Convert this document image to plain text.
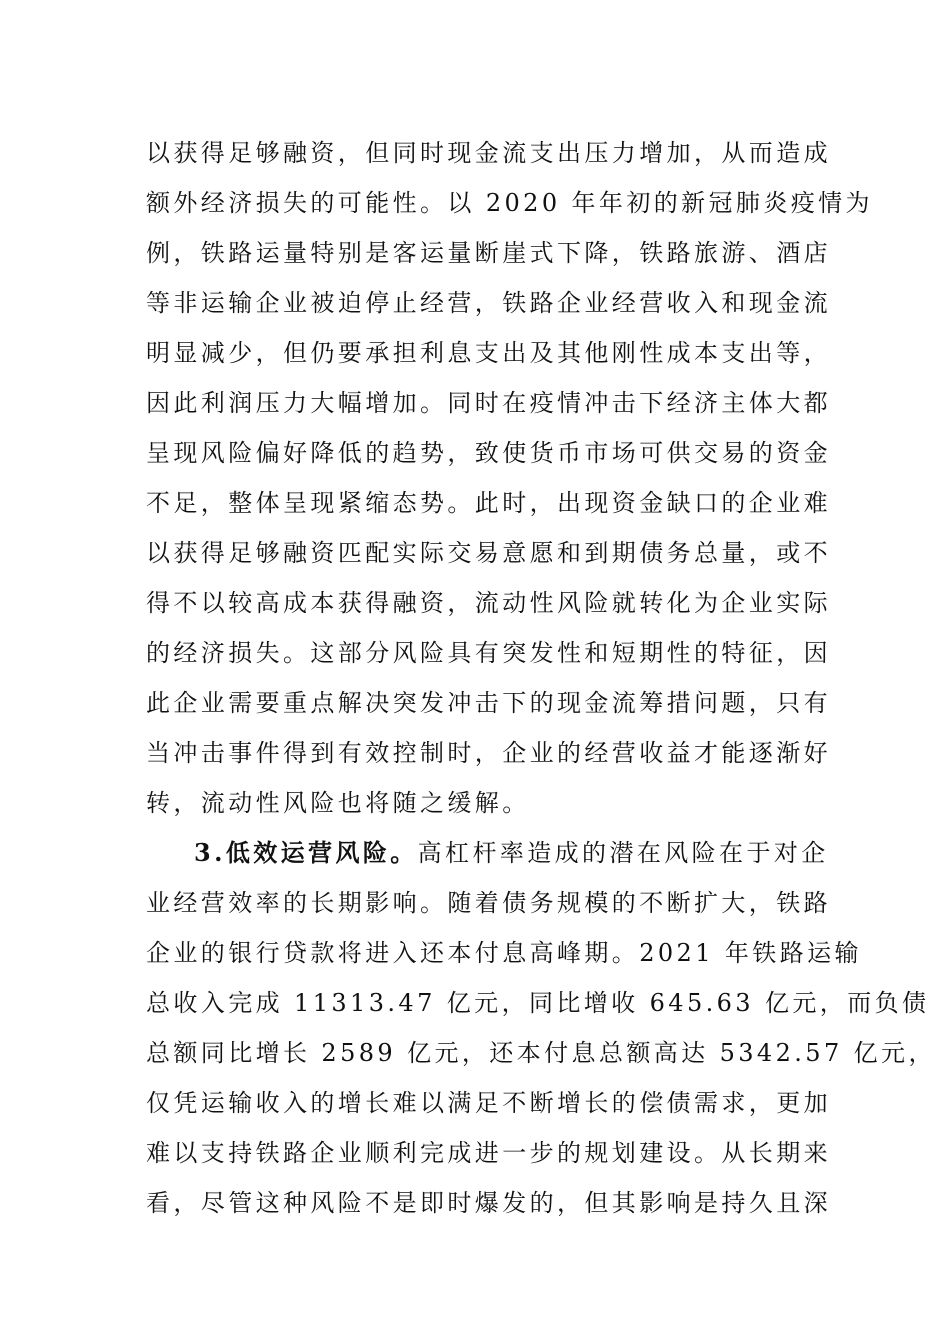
以获得足够融资，但同时现金流支出压力增加，从而造成
额外经济损失的可能性。以 2020 年年初的新冠肺炎疫情为
例，铁路运量特别是客运量断崖式下降，铁路旅游、酒店
等非运输企业被迫停止经营，铁路企业经营收入和现金流
明显减少，但仍要承担利息支出及其他刚性成本支出等，
因此利润压力大幅增加。同时在疫情冲击下经济主体大都
呈现风险偏好降低的趋势，致使货币市场可供交易的资金
不足，整体呈现紧缩态势。此时，出现资金缺口的企业难
以获得足够融资匹配实际交易意愿和到期债务总量，或不
得不以较高成本获得融资，流动性风险就转化为企业实际
的经济损失。这部分风险具有突发性和短期性的特征，因
此企业需要重点解决突发冲击下的现金流筹措问题，只有
当冲击事件得到有效控制时，企业的经营收益才能逐渐好
转，流动性风险也将随之缓解。
3.低效运营风险。高杠杆率造成的潜在风险在于对企
业经营效率的长期影响。随着债务规模的不断扩大，铁路
企业的银行贷款将进入还本付息高峰期。2021 年铁路运输
总收入完成 11313.47 亿元，同比增收 645.63 亿元，而负债
总额同比增长 2589 亿元，还本付息总额高达 5342.57 亿元，
仅凭运输收入的增长难以满足不断增长的偿债需求，更加
难以支持铁路企业顺利完成进一步的规划建设。从长期来
看，尽管这种风险不是即时爆发的，但其影响是持久且深
